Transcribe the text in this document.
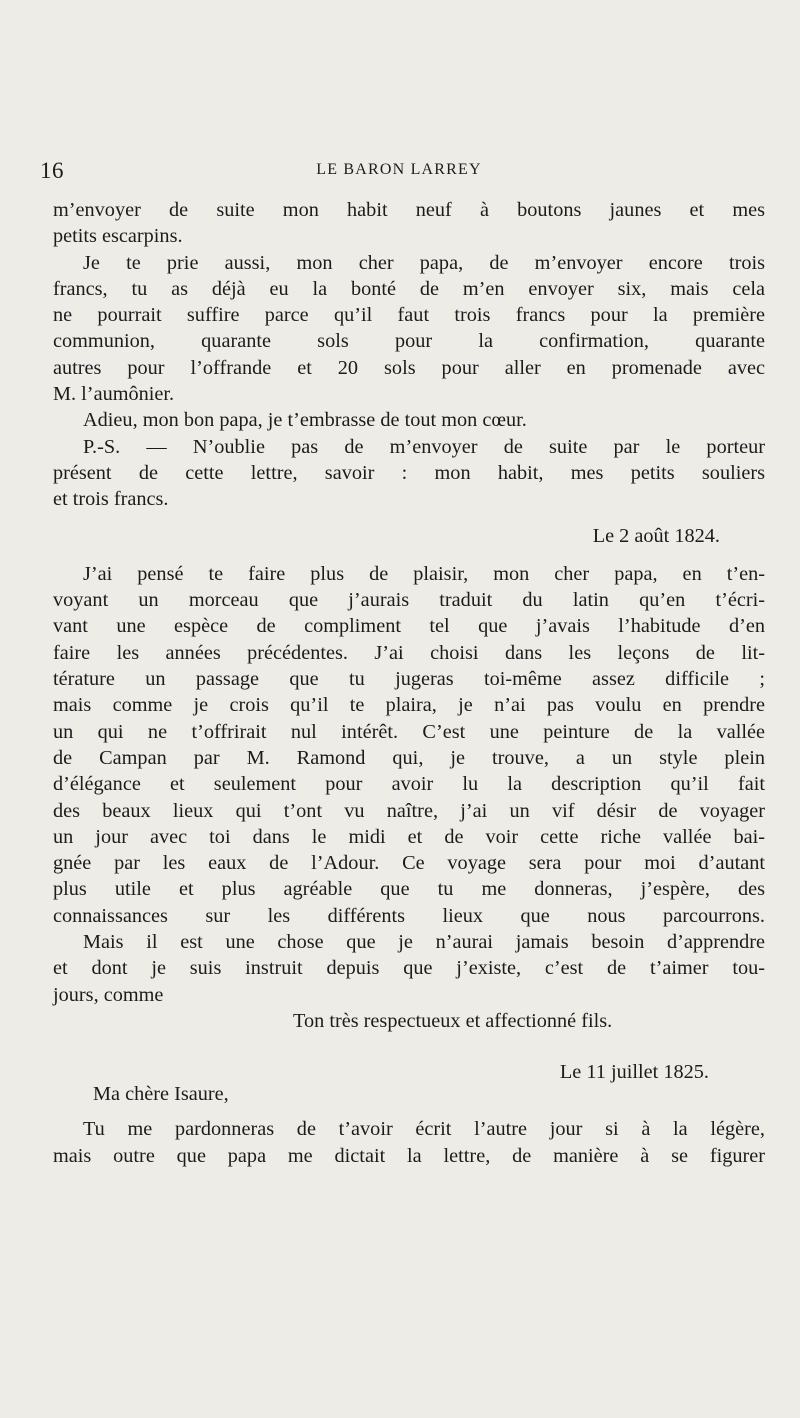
16	LE BARON LARREY
m’envoyer de suite mon habit neuf à boutons jaunes et mes
petits escarpins.
Je te prie aussi, mon cher papa, de m’envoyer encore trois
francs, tu as déjà eu la bonté de m’en envoyer six, mais cela
ne pourrait suffire parce qu’il faut trois francs pour la première
communion, quarante sols pour la confirmation, quarante
autres pour l’offrande et 20 sols pour aller en promenade avec
M. l’aumônier.
Adieu, mon bon papa, je t’embrasse de tout mon cœur.
P.-S. — N’oublie pas de m’envoyer de suite par le porteur
présent de cette lettre, savoir : mon habit, mes petits souliers
et trois francs.
Le 2 août 1824.
J’ai pensé te faire plus de plaisir, mon cher papa, en t’en-
voyant un morceau que j’aurais traduit du latin qu’en t’écri-
vant une espèce de compliment tel que j’avais l’habitude d’en
faire les années précédentes. J’ai choisi dans les leçons de lit-
térature un passage que tu jugeras toi-même assez difficile ;
mais comme je crois qu’il te plaira, je n’ai pas voulu en prendre
un qui ne t’offrirait nul intérêt. C’est une peinture de la vallée
de Campan par M. Ramond qui, je trouve, a un style plein
d’élégance et seulement pour avoir lu la description qu’il fait
des beaux lieux qui t’ont vu naître, j’ai un vif désir de voyager
un jour avec toi dans le midi et de voir cette riche vallée bai-
gnée par les eaux de l’Adour. Ce voyage sera pour moi d’autant
plus utile et plus agréable que tu me donneras, j’espère, des
connaissances sur les différents lieux que nous parcourrons.
Mais il est une chose que je n’aurai jamais besoin d’apprendre
et dont je suis instruit depuis que j’existe, c’est de t’aimer tou-
jours, comme
Ton très respectueux et affectionné fils.
Le 11 juillet 1825.
Ma chère Isaure,
Tu me pardonneras de t’avoir écrit l’autre jour si à la légère,
mais outre que papa me dictait la lettre, de manière à se figurer
